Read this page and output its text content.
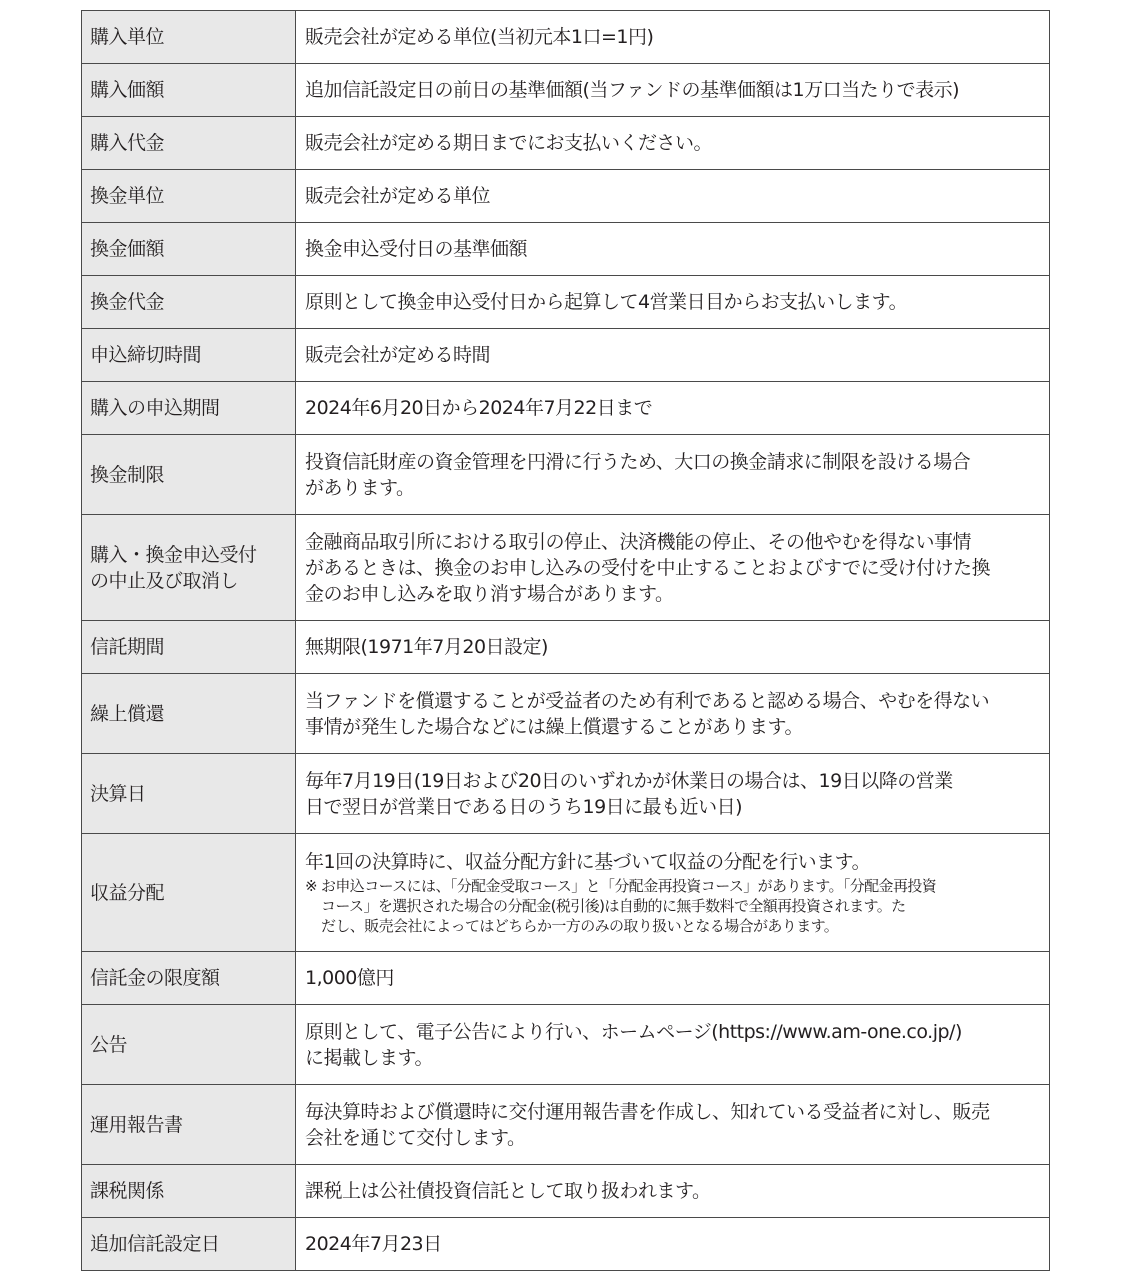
購入単位	販売会社が定める単位(当初元本1口=1円)

購入価額	追加信託設定日の前日の基準価額(当ファンドの基準価額は1万口当たりで表示)

購入代金	販売会社が定める期日までにお支払いください。

換金単位	販売会社が定める単位

換金価額	換金申込受付日の基準価額

換金代金	原則として換金申込受付日から起算して4営業日目からお支払いします。

申込締切時間	販売会社が定める時間

購入の申込期間	2024年6月20日から2024年7月22日まで

換金制限	投資信託財産の資金管理を円滑に行うため、大口の換金請求に制限を設ける場合
があります。

購入・換金申込受付
の中止及び取消し	金融商品取引所における取引の停止、決済機能の停止、その他やむを得ない事情
があるときは、換金のお申し込みの受付を中止することおよびすでに受け付けた換
金のお申し込みを取り消す場合があります。

信託期間	無期限(1971年7月20日設定)

繰上償還	当ファンドを償還することが受益者のため有利であると認める場合、やむを得ない
事情が発生した場合などには繰上償還することがあります。

決算日	毎年7月19日(19日および20日のいずれかが休業日の場合は、19日以降の営業
日で翌日が営業日である日のうち19日に最も近い日)

収益分配	年1回の決算時に、収益分配方針に基づいて収益の分配を行います。
※ お申込コースには、「分配金受取コース」と「分配金再投資コース」があります。「分配金再投資
コース」を選択された場合の分配金(税引後)は自動的に無手数料で全額再投資されます。た
だし、販売会社によってはどちらか一方のみの取り扱いとなる場合があります。

信託金の限度額	1,000億円

公告	原則として、電子公告により行い、ホームページ(https://www.am-one.co.jp/)
に掲載します。

運用報告書	毎決算時および償還時に交付運用報告書を作成し、知れている受益者に対し、販売
会社を通じて交付します。

課税関係	課税上は公社債投資信託として取り扱われます。

追加信託設定日	2024年7月23日
